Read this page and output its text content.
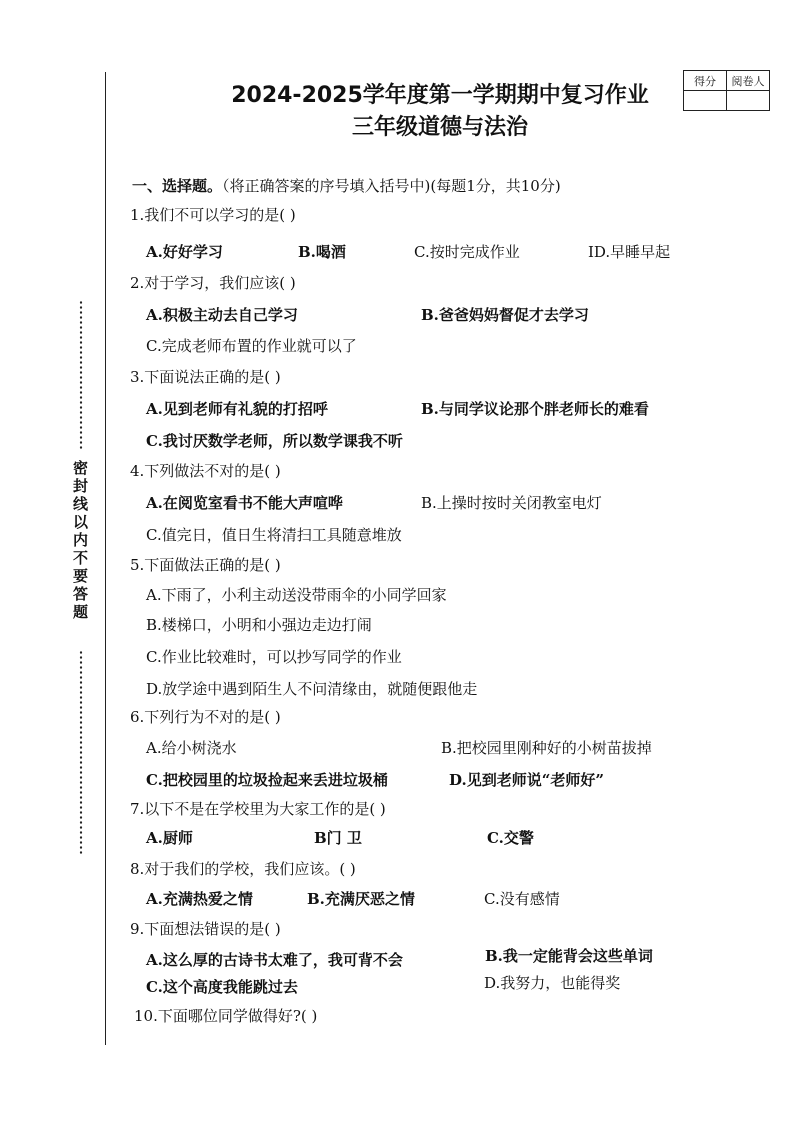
密封线以内不要答题
得分	阅卷人

2024-2025学年度第一学期期中复习作业
三年级道德与法治
一、选择题。（将正确答案的序号填入括号中)(每题1分，共10分)
1.我们不可以学习的是( )
A.好好学习	B.喝酒	C.按时完成作业	ID.早睡早起
2.对于学习，我们应该( )
A.积极主动去自己学习	B.爸爸妈妈督促才去学习
C.完成老师布置的作业就可以了
3.下面说法正确的是( )
A.见到老师有礼貌的打招呼	B.与同学议论那个胖老师长的难看
C.我讨厌数学老师，所以数学课我不听
4.下列做法不对的是( )
A.在阅览室看书不能大声喧哗	B.上操时按时关闭教室电灯
C.值完日，值日生将清扫工具随意堆放
5.下面做法正确的是( )
A.下雨了，小利主动送没带雨伞的小同学回家
B.楼梯口，小明和小强边走边打闹
C.作业比较难时，可以抄写同学的作业
D.放学途中遇到陌生人不问清缘由，就随便跟他走
6.下列行为不对的是( )
A.给小树浇水	B.把校园里刚种好的小树苗拔掉
C.把校园里的垃圾捡起来丢进垃圾桶	D.见到老师说“老师好”
7.以下不是在学校里为大家工作的是( )
A.厨师	B门 卫	C.交警
8.对于我们的学校，我们应该。( )
A.充满热爱之情	B.充满厌恶之情	C.没有感情
9.下面想法错误的是( )
A.这么厚的古诗书太难了，我可背不会	B.我一定能背会这些单词
C.这个高度我能跳过去	D.我努力，也能得奖
10.下面哪位同学做得好?( )
